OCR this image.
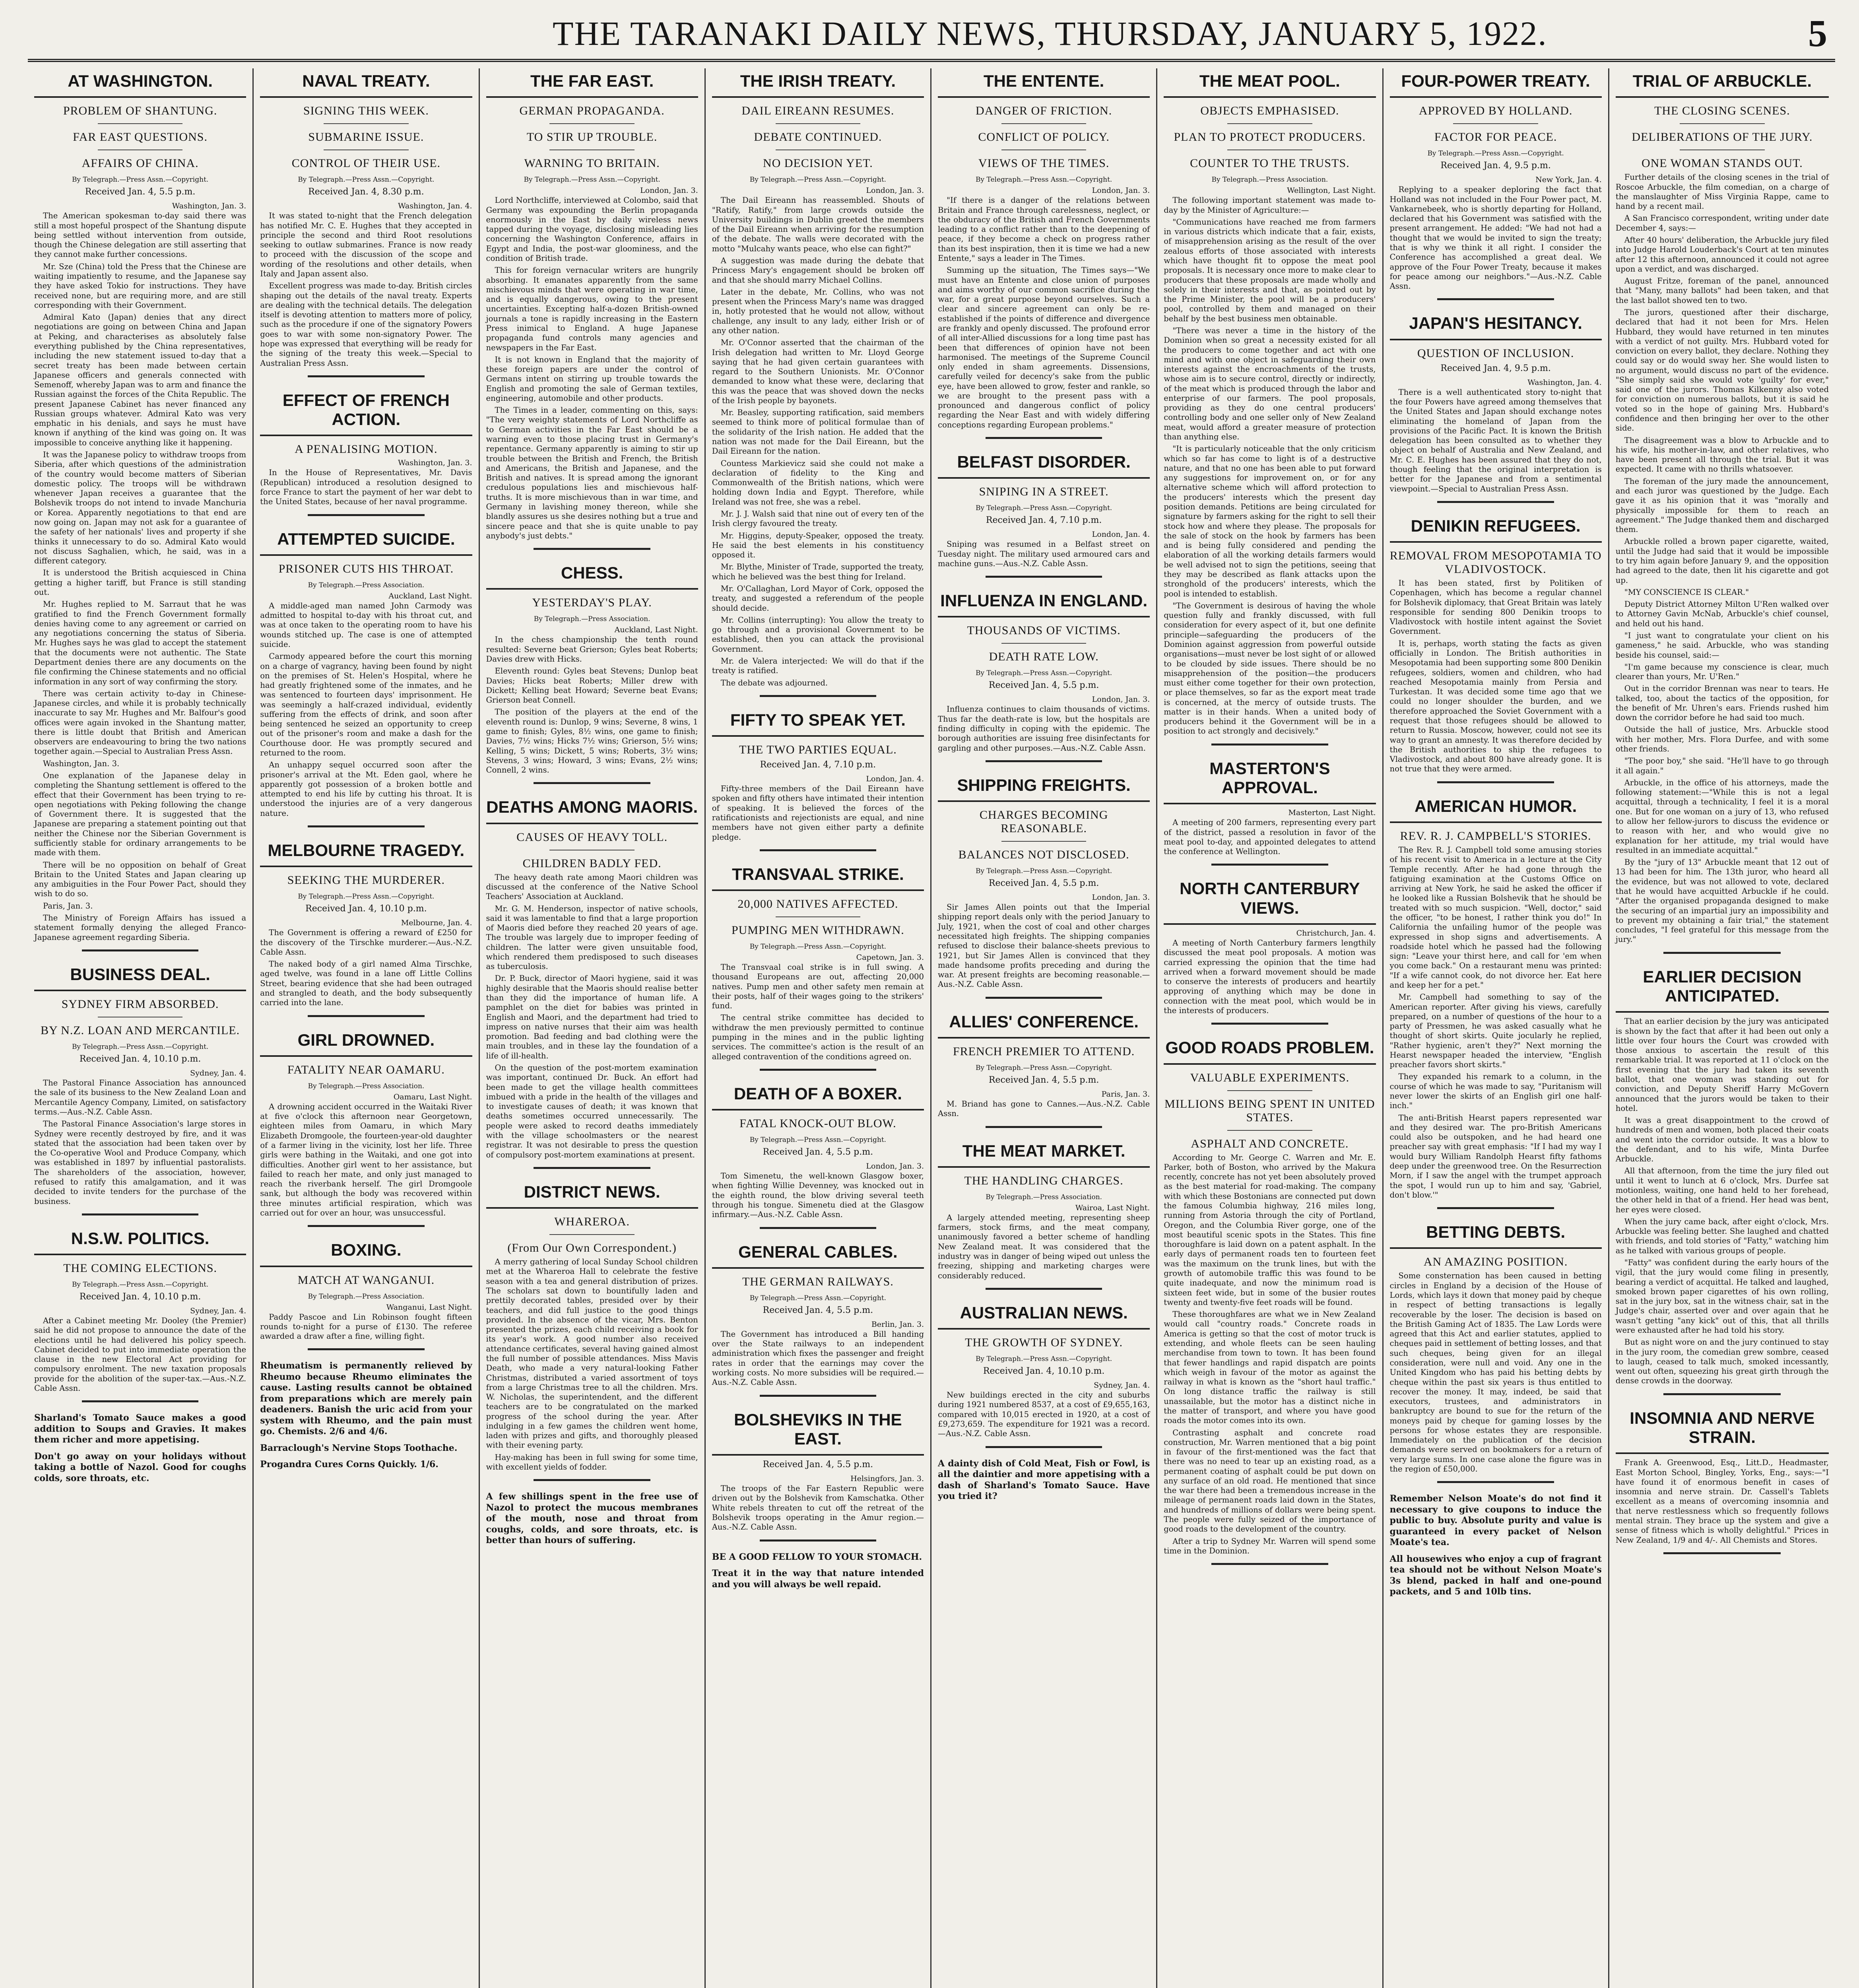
THE TARANAKI DAILY NEWS, THURSDAY, JANUARY 5, 1922.	5
AT WASHINGTON.
PROBLEM OF SHANTUNG.
FAR EAST QUESTIONS.
AFFAIRS OF CHINA.
By Telegraph.—Press Assn.—Copyright.
Received Jan. 4, 5.5 p.m.
Washington, Jan. 3.

The American spokesman to-day said there was still a most hopeful prospect of the Shantung dispute being settled without intervention from outside, though the Chinese delegation are still asserting that they cannot make further concessions.

Mr. Sze (China) told the Press that the Chinese are waiting impatiently to resume, and the Japanese say they have asked Tokio for instructions. They have received none, but are requiring more, and are still corresponding with their Government.

Admiral Kato (Japan) denies that any direct negotiations are going on between China and Japan at Peking, and characterises as absolutely false everything published by the China representatives, including the new statement issued to-day that a secret treaty has been made between certain Japanese officers and generals connected with Semenoff, whereby Japan was to arm and finance the Russian against the forces of the Chita Republic. The present Japanese Cabinet has never financed any Russian groups whatever. Admiral Kato was very emphatic in his denials, and says he must have known if anything of the kind was going on. It was impossible to conceive anything like it happening.

It was the Japanese policy to withdraw troops from Siberia, after which questions of the administration of the country would become matters of Siberian domestic policy. The troops will be withdrawn whenever Japan receives a guarantee that the Bolshevik troops do not intend to invade Manchuria or Korea. Apparently negotiations to that end are now going on. Japan may not ask for a guarantee of the safety of her nationals' lives and property if she thinks it unnecessary to do so. Admiral Kato would not discuss Saghalien, which, he said, was in a different category.

It is understood the British acquiesced in China getting a higher tariff, but France is still standing out.

Mr. Hughes replied to M. Sarraut that he was gratified to find the French Government formally denies having come to any agreement or carried on any negotiations concerning the status of Siberia. Mr. Hughes says he was glad to accept the statement that the documents were not authentic. The State Department denies there are any documents on the file confirming the Chinese statements and no official information in any sort of way confirming the story.

There was certain activity to-day in Chinese-Japanese circles, and while it is probably technically inaccurate to say Mr. Hughes and Mr. Balfour's good offices were again invoked in the Shantung matter, there is little doubt that British and American observers are endeavouring to bring the two nations together again.—Special to Australian Press Assn.

Washington, Jan. 3.

One explanation of the Japanese delay in completing the Shantung settlement is offered to the effect that their Government has been trying to re-open negotiations with Peking following the change of Government there. It is suggested that the Japanese are preparing a statement pointing out that neither the Chinese nor the Siberian Government is sufficiently stable for ordinary arrangements to be made with them.

There will be no opposition on behalf of Great Britain to the United States and Japan clearing up any ambiguities in the Four Power Pact, should they wish to do so.

Paris, Jan. 3.

The Ministry of Foreign Affairs has issued a statement formally denying the alleged Franco-Japanese agreement regarding Siberia.

BUSINESS DEAL.
SYDNEY FIRM ABSORBED.
BY N.Z. LOAN AND MERCANTILE.
By Telegraph.—Press Assn.—Copyright.
Received Jan. 4, 10.10 p.m.
Sydney, Jan. 4.

The Pastoral Finance Association has announced the sale of its business to the New Zealand Loan and Mercantile Agency Company, Limited, on satisfactory terms.—Aus.-N.Z. Cable Assn.

The Pastoral Finance Association's large stores in Sydney were recently destroyed by fire, and it was stated that the association had been taken over by the Co-operative Wool and Produce Company, which was established in 1897 by influential pastoralists. The shareholders of the association, however, refused to ratify this amalgamation, and it was decided to invite tenders for the purchase of the business.

N.S.W. POLITICS.
THE COMING ELECTIONS.
By Telegraph.—Press Assn.—Copyright.
Received Jan. 4, 10.10 p.m.
Sydney, Jan. 4.

After a Cabinet meeting Mr. Dooley (the Premier) said he did not propose to announce the date of the elections until he had delivered his policy speech. Cabinet decided to put into immediate operation the clause in the new Electoral Act providing for compulsory enrolment. The new taxation proposals provide for the abolition of the super-tax.—Aus.-N.Z. Cable Assn.

Sharland's Tomato Sauce makes a good addition to Soups and Gravies. It makes them richer and more appetising.

Don't go away on your holidays without taking a bottle of Nazol. Good for coughs colds, sore throats, etc.

NAVAL TREATY.
SIGNING THIS WEEK.
SUBMARINE ISSUE.
CONTROL OF THEIR USE.
By Telegraph.—Press Assn.—Copyright.
Received Jan. 4, 8.30 p.m.
Washington, Jan. 4.

It was stated to-night that the French delegation has notified Mr. C. E. Hughes that they accepted in principle the second and third Root resolutions seeking to outlaw submarines. France is now ready to proceed with the discussion of the scope and wording of the resolutions and other details, when Italy and Japan assent also.

Excellent progress was made to-day. British circles shaping out the details of the naval treaty. Experts are dealing with the technical details. The delegation itself is devoting attention to matters more of policy, such as the procedure if one of the signatory Powers goes to war with some non-signatory Power. The hope was expressed that everything will be ready for the signing of the treaty this week.—Special to Australian Press Assn.

EFFECT OF FRENCH ACTION.
A PENALISING MOTION.
Washington, Jan. 3.

In the House of Representatives, Mr. Davis (Republican) introduced a resolution designed to force France to start the payment of her war debt to the United States, because of her naval programme.

ATTEMPTED SUICIDE.
PRISONER CUTS HIS THROAT.
By Telegraph.—Press Association.
Auckland, Last Night.

A middle-aged man named John Carmody was admitted to hospital to-day with his throat cut, and was at once taken to the operating room to have his wounds stitched up. The case is one of attempted suicide.

Carmody appeared before the court this morning on a charge of vagrancy, having been found by night on the premises of St. Helen's Hospital, where he had greatly frightened some of the inmates, and he was sentenced to fourteen days' imprisonment. He was seemingly a half-crazed individual, evidently suffering from the effects of drink, and soon after being sentenced he seized an opportunity to creep out of the prisoner's room and make a dash for the Courthouse door. He was promptly secured and returned to the room.

An unhappy sequel occurred soon after the prisoner's arrival at the Mt. Eden gaol, where he apparently got possession of a broken bottle and attempted to end his life by cutting his throat. It is understood the injuries are of a very dangerous nature.

MELBOURNE TRAGEDY.
SEEKING THE MURDERER.
By Telegraph.—Press Assn.—Copyright.
Received Jan. 4, 10.10 p.m.
Melbourne, Jan. 4.

The Government is offering a reward of £250 for the discovery of the Tirschke murderer.—Aus.-N.Z. Cable Assn.

The naked body of a girl named Alma Tirschke, aged twelve, was found in a lane off Little Collins Street, bearing evidence that she had been outraged and strangled to death, and the body subsequently carried into the lane.

GIRL DROWNED.
FATALITY NEAR OAMARU.
By Telegraph.—Press Association.
Oamaru, Last Night.

A drowning accident occurred in the Waitaki River at five o'clock this afternoon near Georgetown, eighteen miles from Oamaru, in which Mary Elizabeth Dromgoole, the fourteen-year-old daughter of a farmer living in the vicinity, lost her life. Three girls were bathing in the Waitaki, and one got into difficulties. Another girl went to her assistance, but failed to reach her mate, and only just managed to reach the riverbank herself. The girl Dromgoole sank, but although the body was recovered within three minutes artificial respiration, which was carried out for over an hour, was unsuccessful.

BOXING.
MATCH AT WANGANUI.
By Telegraph.—Press Association.
Wanganui, Last Night.

Paddy Pascoe and Lin Robinson fought fifteen rounds to-night for a purse of £130. The referee awarded a draw after a fine, willing fight.

Rheumatism is permanently relieved by Rheumo because Rheumo eliminates the cause. Lasting results cannot be obtained from preparations which are merely pain deadeners. Banish the uric acid from your system with Rheumo, and the pain must go. Chemists. 2/6 and 4/6.

Barraclough's Nervine Stops Toothache.

Progandra Cures Corns Quickly. 1/6.

THE FAR EAST.
GERMAN PROPAGANDA.
TO STIR UP TROUBLE.
WARNING TO BRITAIN.
By Telegraph.—Press Assn.—Copyright.
London, Jan. 3.

Lord Northcliffe, interviewed at Colombo, said that Germany was expounding the Berlin propaganda enormously in the East by daily wireless news tapped during the voyage, disclosing misleading lies concerning the Washington Conference, affairs in Egypt and India, the post-war gloominess, and the condition of British trade.

This for foreign vernacular writers are hungrily absorbing. It emanates apparently from the same mischievous minds that were operating in war time, and is equally dangerous, owing to the present uncertainties. Excepting half-a-dozen British-owned journals a tone is rapidly increasing in the Eastern Press inimical to England. A huge Japanese propaganda fund controls many agencies and newspapers in the Far East.

It is not known in England that the majority of these foreign papers are under the control of Germans intent on stirring up trouble towards the English and promoting the sale of German textiles, engineering, automobile and other products.

The Times in a leader, commenting on this, says: "The very weighty statements of Lord Northcliffe as to German activities in the Far East should be a warning even to those placing trust in Germany's repentance. Germany apparently is aiming to stir up trouble between the British and French, the British and Americans, the British and Japanese, and the British and natives. It is spread among the ignorant credulous populations lies and mischievous half-truths. It is more mischievous than in war time, and Germany in lavishing money thereon, while she blandly assures us she desires nothing but a true and sincere peace and that she is quite unable to pay anybody's just debts."

CHESS.
YESTERDAY'S PLAY.
By Telegraph.—Press Association.
Auckland, Last Night.

In the chess championship the tenth round resulted: Severne beat Grierson; Gyles beat Roberts; Davies drew with Hicks.

Eleventh round: Gyles beat Stevens; Dunlop beat Davies; Hicks beat Roberts; Miller drew with Dickett; Kelling beat Howard; Severne beat Evans; Grierson beat Connell.

The position of the players at the end of the eleventh round is: Dunlop, 9 wins; Severne, 8 wins, 1 game to finish; Gyles, 8½ wins, one game to finish; Davies, 7½ wins; Hicks 7½ wins; Grierson, 5½ wins; Kelling, 5 wins; Dickett, 5 wins; Roberts, 3½ wins; Stevens, 3 wins; Howard, 3 wins; Evans, 2½ wins; Connell, 2 wins.

DEATHS AMONG MAORIS.
CAUSES OF HEAVY TOLL.
CHILDREN BADLY FED.

The heavy death rate among Maori children was discussed at the conference of the Native School Teachers' Association at Auckland.

Mr. G. M. Henderson, inspector of native schools, said it was lamentable to find that a large proportion of Maoris died before they reached 20 years of age. The trouble was largely due to improper feeding of children. The latter were given unsuitable food, which rendered them predisposed to such diseases as tuberculosis.

Dr. P. Buck, director of Maori hygiene, said it was highly desirable that the Maoris should realise better than they did the importance of human life. A pamphlet on the diet for babies was printed in English and Maori, and the department had tried to impress on native nurses that their aim was health promotion. Bad feeding and bad clothing were the main troubles, and in these lay the foundation of a life of ill-health.

On the question of the post-mortem examination was important, continued Dr. Buck. An effort had been made to get the village health committees imbued with a pride in the health of the villages and to investigate causes of death; it was known that deaths sometimes occurred unnecessarily. The people were asked to record deaths immediately with the village schoolmasters or the nearest registrar. It was not desirable to press the question of compulsory post-mortem examinations at present.

DISTRICT NEWS.
WHAREROA.
(From Our Own Correspondent.)

A merry gathering of local Sunday School children met at the Whareroa Hall to celebrate the festive season with a tea and general distribution of prizes. The scholars sat down to bountifully laden and prettily decorated tables, presided over by their teachers, and did full justice to the good things provided. In the absence of the vicar, Mrs. Benton presented the prizes, each child receiving a book for its year's work. A good number also received attendance certificates, several having gained almost the full number of possible attendances. Miss Mavis Death, who made a very natural-looking Father Christmas, distributed a varied assortment of toys from a large Christmas tree to all the children. Mrs. W. Nicholas, the superintendent, and the different teachers are to be congratulated on the marked progress of the school during the year. After indulging in a few games the children went home, laden with prizes and gifts, and thoroughly pleased with their evening party.

Hay-making has been in full swing for some time, with excellent yields of fodder.

A few shillings spent in the free use of Nazol to protect the mucous membranes of the mouth, nose and throat from coughs, colds, and sore throats, etc. is better than hours of suffering.

THE IRISH TREATY.
DAIL EIREANN RESUMES.
DEBATE CONTINUED.
NO DECISION YET.
By Telegraph.—Press Assn.—Copyright.
London, Jan. 3.

The Dail Eireann has reassembled. Shouts of "Ratify, Ratify," from large crowds outside the University buildings in Dublin greeted the members of the Dail Eireann when arriving for the resumption of the debate. The walls were decorated with the motto "Mulcahy wants peace, who else can fight?"

A suggestion was made during the debate that Princess Mary's engagement should be broken off and that she should marry Michael Collins.

Later in the debate, Mr. Collins, who was not present when the Princess Mary's name was dragged in, hotly protested that he would not allow, without challenge, any insult to any lady, either Irish or of any other nation.

Mr. O'Connor asserted that the chairman of the Irish delegation had written to Mr. Lloyd George saying that he had given certain guarantees with regard to the Southern Unionists. Mr. O'Connor demanded to know what these were, declaring that this was the peace that was shoved down the necks of the Irish people by bayonets.

Mr. Beasley, supporting ratification, said members seemed to think more of political formulae than of the solidarity of the Irish nation. He added that the nation was not made for the Dail Eireann, but the Dail Eireann for the nation.

Countess Markievicz said she could not make a declaration of fidelity to the King and Commonwealth of the British nations, which were holding down India and Egypt. Therefore, while Ireland was not free, she was a rebel.

Mr. J. J. Walsh said that nine out of every ten of the Irish clergy favoured the treaty.

Mr. Higgins, deputy-Speaker, opposed the treaty. He said the best elements in his constituency opposed it.

Mr. Blythe, Minister of Trade, supported the treaty, which he believed was the best thing for Ireland.

Mr. O'Callaghan, Lord Mayor of Cork, opposed the treaty, and suggested a referendum of the people should decide.

Mr. Collins (interrupting): You allow the treaty to go through and a provisional Government to be established, then you can attack the provisional Government.

Mr. de Valera interjected: We will do that if the treaty is ratified.

The debate was adjourned.

FIFTY TO SPEAK YET.
THE TWO PARTIES EQUAL.
Received Jan. 4, 7.10 p.m.
London, Jan. 4.

Fifty-three members of the Dail Eireann have spoken and fifty others have intimated their intention of speaking. It is believed the forces of the ratificationists and rejectionists are equal, and nine members have not given either party a definite pledge.

TRANSVAAL STRIKE.
20,000 NATIVES AFFECTED.
PUMPING MEN WITHDRAWN.
By Telegraph.—Press Assn.—Copyright.
Capetown, Jan. 3.

The Transvaal coal strike is in full swing. A thousand Europeans are out, affecting 20,000 natives. Pump men and other safety men remain at their posts, half of their wages going to the strikers' fund.

The central strike committee has decided to withdraw the men previously permitted to continue pumping in the mines and in the public lighting services. The committee's action is the result of an alleged contravention of the conditions agreed on.

DEATH OF A BOXER.
FATAL KNOCK-OUT BLOW.
By Telegraph.—Press Assn.—Copyright.
Received Jan. 4, 5.5 p.m.
London, Jan. 3.

Tom Simenetu, the well-known Glasgow boxer, when fighting Willie Devenney, was knocked out in the eighth round, the blow driving several teeth through his tongue. Simenetu died at the Glasgow infirmary.—Aus.-N.Z. Cable Assn.

GENERAL CABLES.
THE GERMAN RAILWAYS.
By Telegraph.—Press Assn.—Copyright.
Received Jan. 4, 5.5 p.m.
Berlin, Jan. 3.

The Government has introduced a Bill handing over the State railways to an independent administration which fixes the passenger and freight rates in order that the earnings may cover the working costs. No more subsidies will be required.—Aus.-N.Z. Cable Assn.

BOLSHEVIKS IN THE EAST.
Received Jan. 4, 5.5 p.m.
Helsingfors, Jan. 3.

The troops of the Far Eastern Republic were driven out by the Bolshevik from Kamschatka. Other White rebels threaten to cut off the retreat of the Bolshevik troops operating in the Amur region.—Aus.-N.Z. Cable Assn.

BE A GOOD FELLOW TO YOUR STOMACH.

Treat it in the way that nature intended and you will always be well repaid.

THE ENTENTE.
DANGER OF FRICTION.
CONFLICT OF POLICY.
VIEWS OF THE TIMES.
By Telegraph.—Press Assn.—Copyright.
London, Jan. 3.

"If there is a danger of the relations between Britain and France through carelessness, neglect, or the obduracy of the British and French Governments leading to a conflict rather than to the deepening of peace, if they become a check on progress rather than its best inspiration, then it is time we had a new Entente," says a leader in The Times.

Summing up the situation, The Times says—"We must have an Entente and close union of purposes and aims worthy of our common sacrifice during the war, for a great purpose beyond ourselves. Such a clear and sincere agreement can only be re-established if the points of difference and divergence are frankly and openly discussed. The profound error of all inter-Allied discussions for a long time past has been that differences of opinion have not been harmonised. The meetings of the Supreme Council only ended in sham agreements. Dissensions, carefully veiled for decency's sake from the public eye, have been allowed to grow, fester and rankle, so we are brought to the present pass with a pronounced and dangerous conflict of policy regarding the Near East and with widely differing conceptions regarding European problems."

BELFAST DISORDER.
SNIPING IN A STREET.
By Telegraph.—Press Assn.—Copyright.
Received Jan. 4, 7.10 p.m.
London, Jan. 4.

Sniping was resumed in a Belfast street on Tuesday night. The military used armoured cars and machine guns.—Aus.-N.Z. Cable Assn.

INFLUENZA IN ENGLAND.
THOUSANDS OF VICTIMS.
DEATH RATE LOW.
By Telegraph.—Press Assn.—Copyright.
Received Jan. 4, 5.5 p.m.
London, Jan. 3.

Influenza continues to claim thousands of victims. Thus far the death-rate is low, but the hospitals are finding difficulty in coping with the epidemic. The borough authorities are issuing free disinfectants for gargling and other purposes.—Aus.-N.Z. Cable Assn.

SHIPPING FREIGHTS.
CHARGES BECOMING REASONABLE.
BALANCES NOT DISCLOSED.
By Telegraph.—Press Assn.—Copyright.
Received Jan. 4, 5.5 p.m.
London, Jan. 3.

Sir James Allen points out that the Imperial shipping report deals only with the period January to July, 1921, when the cost of coal and other charges necessitated high freights. The shipping companies refused to disclose their balance-sheets previous to 1921, but Sir James Allen is convinced that they made handsome profits preceding and during the war. At present freights are becoming reasonable.—Aus.-N.Z. Cable Assn.

ALLIES' CONFERENCE.
FRENCH PREMIER TO ATTEND.
By Telegraph.—Press Assn.—Copyright.
Received Jan. 4, 5.5 p.m.
Paris, Jan. 3.

M. Briand has gone to Cannes.—Aus.-N.Z. Cable Assn.

THE MEAT MARKET.
THE HANDLING CHARGES.
By Telegraph.—Press Association.
Wairoa, Last Night.

A largely attended meeting, representing sheep farmers, stock firms, and the meat company, unanimously favored a better scheme of handling New Zealand meat. It was considered that the industry was in danger of being wiped out unless the freezing, shipping and marketing charges were considerably reduced.

AUSTRALIAN NEWS.
THE GROWTH OF SYDNEY.
By Telegraph.—Press Assn.—Copyright.
Received Jan. 4, 10.10 p.m.
Sydney, Jan. 4.

New buildings erected in the city and suburbs during 1921 numbered 8537, at a cost of £9,655,163, compared with 10,015 erected in 1920, at a cost of £9,273,659. The expenditure for 1921 was a record.—Aus.-N.Z. Cable Assn.

A dainty dish of Cold Meat, Fish or Fowl, is all the daintier and more appetising with a dash of Sharland's Tomato Sauce. Have you tried it?

THE MEAT POOL.
OBJECTS EMPHASISED.
PLAN TO PROTECT PRODUCERS.
COUNTER TO THE TRUSTS.
By Telegraph.—Press Association.
Wellington, Last Night.

The following important statement was made to-day by the Minister of Agriculture:—

"Communications have reached me from farmers in various districts which indicate that a fair, exists, of misapprehension arising as the result of the over zealous efforts of those associated with interests which have thought fit to oppose the meat pool proposals. It is necessary once more to make clear to producers that these proposals are made wholly and solely in their interests and that, as pointed out by the Prime Minister, the pool will be a producers' pool, controlled by them and managed on their behalf by the best business men obtainable.

"There was never a time in the history of the Dominion when so great a necessity existed for all the producers to come together and act with one mind and with one object in safeguarding their own interests against the encroachments of the trusts, whose aim is to secure control, directly or indirectly, of the meat which is produced through the labor and enterprise of our farmers. The pool proposals, providing as they do one central producers' controlling body and one seller only of New Zealand meat, would afford a greater measure of protection than anything else.

"It is particularly noticeable that the only criticism which so far has come to light is of a destructive nature, and that no one has been able to put forward any suggestions for improvement on, or for any alternative scheme which will afford protection to the producers' interests which the present day position demands. Petitions are being circulated for signature by farmers asking for the right to sell their stock how and where they please. The proposals for the sale of stock on the hook by farmers has been and is being fully considered and pending the elaboration of all the working details farmers would be well advised not to sign the petitions, seeing that they may be described as flank attacks upon the stronghold of the producers' interests, which the pool is intended to establish.

"The Government is desirous of having the whole question fully and frankly discussed, with full consideration for every aspect of it, but one definite principle—safeguarding the producers of the Dominion against aggression from powerful outside organisations—must never be lost sight of or allowed to be clouded by side issues. There should be no misapprehension of the position—the producers must either come together for their own protection, or place themselves, so far as the export meat trade is concerned, at the mercy of outside trusts. The matter is in their hands. When a united body of producers behind it the Government will be in a position to act strongly and decisively."

MASTERTON'S APPROVAL.
Masterton, Last Night.

A meeting of 200 farmers, representing every part of the district, passed a resolution in favor of the meat pool to-day, and appointed delegates to attend the conference at Wellington.

NORTH CANTERBURY VIEWS.
Christchurch, Jan. 4.

A meeting of North Canterbury farmers lengthily discussed the meat pool proposals. A motion was carried expressing the opinion that the time had arrived when a forward movement should be made to conserve the interests of producers and heartily approving of anything which may be done in connection with the meat pool, which would be in the interests of producers.

GOOD ROADS PROBLEM.
VALUABLE EXPERIMENTS.
MILLIONS BEING SPENT IN UNITED STATES.
ASPHALT AND CONCRETE.

According to Mr. George C. Warren and Mr. E. Parker, both of Boston, who arrived by the Makura recently, concrete has not yet been absolutely proved as the best material for road-making. The company with which these Bostonians are connected put down the famous Columbia highway, 216 miles long, running from Astoria through the city of Portland, Oregon, and the Columbia River gorge, one of the most beautiful scenic spots in the States. This fine thoroughfare is laid down on a patent asphalt. In the early days of permanent roads ten to fourteen feet was the maximum on the trunk lines, but with the growth of automobile traffic this was found to be quite inadequate, and now the minimum road is sixteen feet wide, but in some of the busier routes twenty and twenty-five feet roads will be found.

These thoroughfares are what we in New Zealand would call "country roads." Concrete roads in America is getting so that the cost of motor truck is extending, and whole fleets can be seen hauling merchandise from town to town. It has been found that fewer handlings and rapid dispatch are points which weigh in favour of the motor as against the railway in what is known as the "short haul traffic." On long distance traffic the railway is still unassailable, but the motor has a distinct niche in the matter of transport, and where you have good roads the motor comes into its own.

Contrasting asphalt and concrete road construction, Mr. Warren mentioned that a big point in favour of the first-mentioned was the fact that there was no need to tear up an existing road, as a permanent coating of asphalt could be put down on any surface of an old road. He mentioned that since the war there had been a tremendous increase in the mileage of permanent roads laid down in the States, and hundreds of millions of dollars were being spent. The people were fully seized of the importance of good roads to the development of the country.

After a trip to Sydney Mr. Warren will spend some time in the Dominion.

FOUR-POWER TREATY.
APPROVED BY HOLLAND.
FACTOR FOR PEACE.
By Telegraph.—Press Assn.—Copyright.
Received Jan. 4, 9.5 p.m.
New York, Jan. 4.

Replying to a speaker deploring the fact that Holland was not included in the Four Power pact, M. Vankarnebeek, who is shortly departing for Holland, declared that his Government was satisfied with the present arrangement. He added: "We had not had a thought that we would be invited to sign the treaty; that is why we think it all right. I consider the Conference has accomplished a great deal. We approve of the Four Power Treaty, because it makes for peace among our neighbors."—Aus.-N.Z. Cable Assn.

JAPAN'S HESITANCY.
QUESTION OF INCLUSION.
Received Jan. 4, 9.5 p.m.
Washington, Jan. 4.

There is a well authenticated story to-night that the four Powers have agreed among themselves that the United States and Japan should exchange notes eliminating the homeland of Japan from the provisions of the Pacific Pact. It is known the British delegation has been consulted as to whether they object on behalf of Australia and New Zealand, and Mr. C. E. Hughes has been assured that they do not, though feeling that the original interpretation is better for the Japanese and from a sentimental viewpoint.—Special to Australian Press Assn.

DENIKIN REFUGEES.
REMOVAL FROM MESOPOTAMIA TO VLADIVOSTOCK.

It has been stated, first by Politiken of Copenhagen, which has become a regular channel for Bolshevik diplomacy, that Great Britain was lately responsible for sending 800 Denikin troops to Vladivostock with hostile intent against the Soviet Government.

It is, perhaps, worth stating the facts as given officially in London. The British authorities in Mesopotamia had been supporting some 800 Denikin refugees, soldiers, women and children, who had reached Mesopotamia mainly from Persia and Turkestan. It was decided some time ago that we could no longer shoulder the burden, and we therefore approached the Soviet Government with a request that those refugees should be allowed to return to Russia. Moscow, however, could not see its way to grant an amnesty. It was therefore decided by the British authorities to ship the refugees to Vladivostock, and about 800 have already gone. It is not true that they were armed.

AMERICAN HUMOR.
REV. R. J. CAMPBELL'S STORIES.

The Rev. R. J. Campbell told some amusing stories of his recent visit to America in a lecture at the City Temple recently. After he had gone through the fatiguing examination at the Customs Office on arriving at New York, he said he asked the officer if he looked like a Russian Bolshevik that he should be treated with so much suspicion. "Well, doctor," said the officer, "to be honest, I rather think you do!" In California the unfailing humor of the people was expressed in shop signs and advertisements. A roadside hotel which he passed had the following sign: "Leave your thirst here, and call for 'em when you come back." On a restaurant menu was printed: "If a wife cannot cook, do not divorce her. Eat here and keep her for a pet."

Mr. Campbell had something to say of the American reporter. After giving his views, carefully prepared, on a number of questions of the hour to a party of Pressmen, he was asked casually what he thought of short skirts. Quite jocularly he replied, "Rather hygienic, aren't they?" Next morning the Hearst newspaper headed the interview, "English preacher favors short skirts."

They expanded his remark to a column, in the course of which he was made to say, "Puritanism will never lower the skirts of an English girl one half-inch."

The anti-British Hearst papers represented war and they desired war. The pro-British Americans could also be outspoken, and he had heard one preacher say with great emphasis: "If I had my way I would bury William Randolph Hearst fifty fathoms deep under the greenwood tree. On the Resurrection Morn, if I saw the angel with the trumpet approach the spot, I would run up to him and say, 'Gabriel, don't blow.'"

BETTING DEBTS.
AN AMAZING POSITION.

Some consternation has been caused in betting circles in England by a decision of the House of Lords, which lays it down that money paid by cheque in respect of betting transactions is legally recoverable by the loser. The decision is based on the British Gaming Act of 1835. The Law Lords were agreed that this Act and earlier statutes, applied to cheques paid in settlement of betting losses, and that such cheques, being given for an illegal consideration, were null and void. Any one in the United Kingdom who has paid his betting debts by cheque within the past six years is thus entitled to recover the money. It may, indeed, be said that executors, trustees, and administrators in bankruptcy are bound to sue for the return of the moneys paid by cheque for gaming losses by the persons for whose estates they are responsible. Immediately on the publication of the decision demands were served on bookmakers for a return of very large sums. In one case alone the figure was in the region of £50,000.

Remember Nelson Moate's do not find it necessary to give coupons to induce the public to buy. Absolute purity and value is guaranteed in every packet of Nelson Moate's tea.

All housewives who enjoy a cup of fragrant tea should not be without Nelson Moate's 3s blend, packed in half and one-pound packets, and 5 and 10lb tins.

TRIAL OF ARBUCKLE.
THE CLOSING SCENES.
DELIBERATIONS OF THE JURY.
ONE WOMAN STANDS OUT.

Further details of the closing scenes in the trial of Roscoe Arbuckle, the film comedian, on a charge of the manslaughter of Miss Virginia Rappe, came to hand by a recent mail.

A San Francisco correspondent, writing under date December 4, says:—

After 40 hours' deliberation, the Arbuckle jury filed into Judge Harold Louderback's Court at ten minutes after 12 this afternoon, announced it could not agree upon a verdict, and was discharged.

August Fritze, foreman of the panel, announced that "Many, many ballots" had been taken, and that the last ballot showed ten to two.

The jurors, questioned after their discharge, declared that had it not been for Mrs. Helen Hubbard, they would have returned in ten minutes with a verdict of not guilty. Mrs. Hubbard voted for conviction on every ballot, they declare. Nothing they could say or do would sway her. She would listen to no argument, would discuss no part of the evidence. "She simply said she would vote 'guilty' for ever," said one of the jurors. Thomas Kilkenny also voted for conviction on numerous ballots, but it is said he voted so in the hope of gaining Mrs. Hubbard's confidence and then bringing her over to the other side.

The disagreement was a blow to Arbuckle and to his wife, his mother-in-law, and other relatives, who have been present all through the trial. But it was expected. It came with no thrills whatsoever.

The foreman of the jury made the announcement, and each juror was questioned by the Judge. Each gave it as his opinion that it was "morally and physically impossible for them to reach an agreement." The Judge thanked them and discharged them.

Arbuckle rolled a brown paper cigarette, waited, until the Judge had said that it would be impossible to try him again before January 9, and the opposition had agreed to the date, then lit his cigarette and got up.

"MY CONSCIENCE IS CLEAR."

Deputy District Attorney Milton U'Ren walked over to Attorney Gavin McNab, Arbuckle's chief counsel, and held out his hand.

"I just want to congratulate your client on his gameness," he said. Arbuckle, who was standing beside his counsel, said:—

"I'm game because my conscience is clear, much clearer than yours, Mr. U'Ren."

Out in the corridor Brennan was near to tears. He talked, too, about the tactics of the opposition, for the benefit of Mr. Uhren's ears. Friends rushed him down the corridor before he had said too much.

Outside the hall of justice, Mrs. Arbuckle stood with her mother, Mrs. Flora Durfee, and with some other friends.

"The poor boy," she said. "He'll have to go through it all again."

Arbuckle, in the office of his attorneys, made the following statement:—"While this is not a legal acquittal, through a technicality, I feel it is a moral one. But for one woman on a jury of 13, who refused to allow her fellow-jurors to discuss the evidence or to reason with her, and who would give no explanation for her attitude, my trial would have resulted in an immediate acquittal."

By the "jury of 13" Arbuckle meant that 12 out of 13 had been for him. The 13th juror, who heard all the evidence, but was not allowed to vote, declared that he would have acquitted Arbuckle if he could. "After the organised propaganda designed to make the securing of an impartial jury an impossibility and to prevent my obtaining a fair trial," the statement concludes, "I feel grateful for this message from the jury."

EARLIER DECISION ANTICIPATED.

That an earlier decision by the jury was anticipated is shown by the fact that after it had been out only a little over four hours the Court was crowded with those anxious to ascertain the result of this remarkable trial. It was reported at 11 o'clock on the first evening that the jury had taken its seventh ballot, that one woman was standing out for conviction, and Deputy Sheriff Harry McGovern announced that the jurors would be taken to their hotel.

It was a great disappointment to the crowd of hundreds of men and women, both placed their coats and went into the corridor outside. It was a blow to the defendant, and to his wife, Minta Durfee Arbuckle.

All that afternoon, from the time the jury filed out until it went to lunch at 6 o'clock, Mrs. Durfee sat motionless, waiting, one hand held to her forehead, the other held in that of a friend. Her head was bent, her eyes were closed.

When the jury came back, after eight o'clock, Mrs. Arbuckle was feeling better. She laughed and chatted with friends, and told stories of "Fatty," watching him as he talked with various groups of people.

"Fatty" was confident during the early hours of the vigil, that the jury would come filing in presently, bearing a verdict of acquittal. He talked and laughed, smoked brown paper cigarettes of his own rolling, sat in the jury box, sat in the witness chair, sat in the Judge's chair, asserted over and over again that he wasn't getting "any kick" out of this, that all thrills were exhausted after he had told his story.

But as night wore on and the jury continued to stay in the jury room, the comedian grew sombre, ceased to laugh, ceased to talk much, smoked incessantly, went out often, squeezing his great girth through the dense crowds in the doorway.

INSOMNIA AND NERVE STRAIN.

Frank A. Greenwood, Esq., Litt.D., Headmaster, East Morton School, Bingley, Yorks, Eng., says:—"I have found it of enormous benefit in cases of insomnia and nerve strain. Dr. Cassell's Tablets excellent as a means of overcoming insomnia and that nerve restlessness which so frequently follows mental strain. They brace up the system and give a sense of fitness which is wholly delightful." Prices in New Zealand, 1/9 and 4/-. All Chemists and Stores.
